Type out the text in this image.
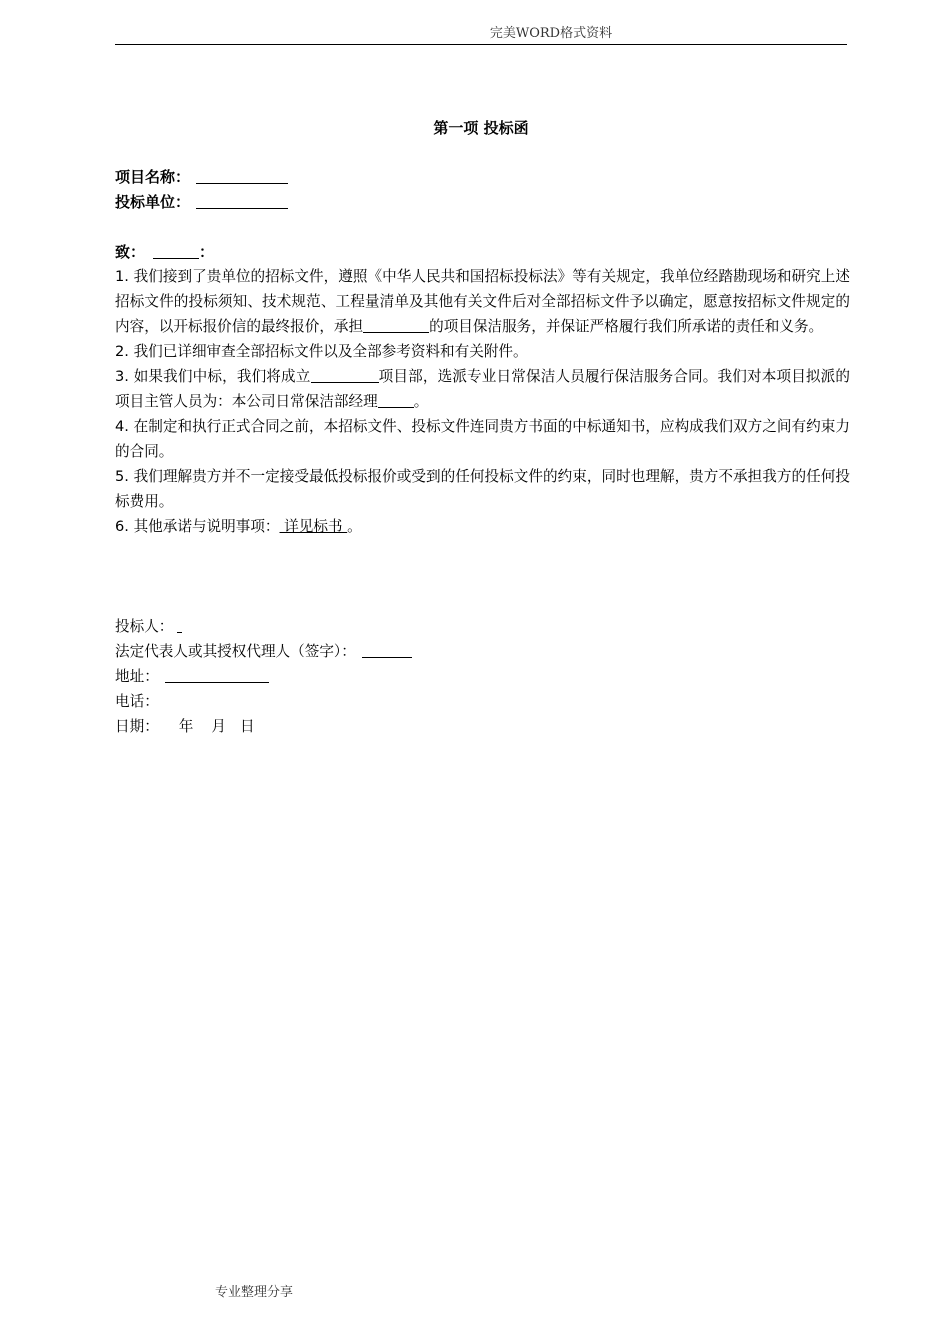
完美WORD格式资料
第一项 投标函
项目名称：
投标单位：
致：	：

1. 我们接到了贵单位的招标文件，遵照《中华人民共和国招标投标法》等有关规定，我单位经踏勘现场和研究上述招标文件的投标须知、技术规范、工程量清单及其他有关文件后对全部招标文件予以确定，愿意按招标文件规定的内容，以开标报价信的最终报价，承担	的项目保洁服务，并保证严格履行我们所承诺的责任和义务。

2. 我们已详细审查全部招标文件以及全部参考资料和有关附件。

3. 如果我们中标，我们将成立	项目部，选派专业日常保洁人员履行保洁服务合同。我们对本项目拟派的项目主管人员为：本公司日常保洁部经理 。

4. 在制定和执行正式合同之前，本招标文件、投标文件连同贵方书面的中标通知书，应构成我们双方之间有约束力的合同。

5. 我们理解贵方并不一定接受最低投标报价或受到的任何投标文件的约束，同时也理解，贵方不承担我方的任何投标费用。

6. 其他承诺与说明事项： 详见标书 。

投标人：
法定代表人或其授权代理人（签字）：
地址：
电话：
日期： 年 月 日
专业整理分享
